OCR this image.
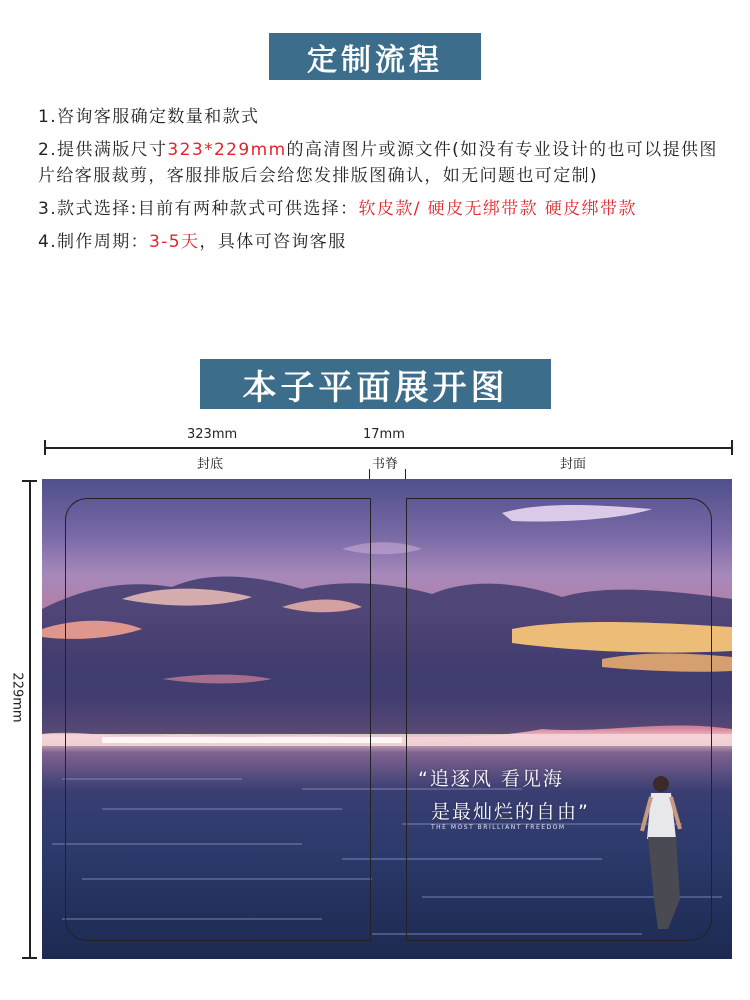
定制流程
1.咨询客服确定数量和款式
2.提供满版尺寸323*229mm的高清图片或源文件(如没有专业设计的也可以提供图片给客服裁剪，客服排版后会给您发排版图确认，如无问题也可定制)
3.款式选择:目前有两种款式可供选择：软皮款/ 硬皮无绑带款 硬皮绑带款
4.制作周期：3-5天，具体可咨询客服
本子平面展开图
323mm	17mm
封底	书脊	封面
229mm
“追逐风 看见海
是最灿烂的自由”
THE MOST BRILLIANT FREEDOM
